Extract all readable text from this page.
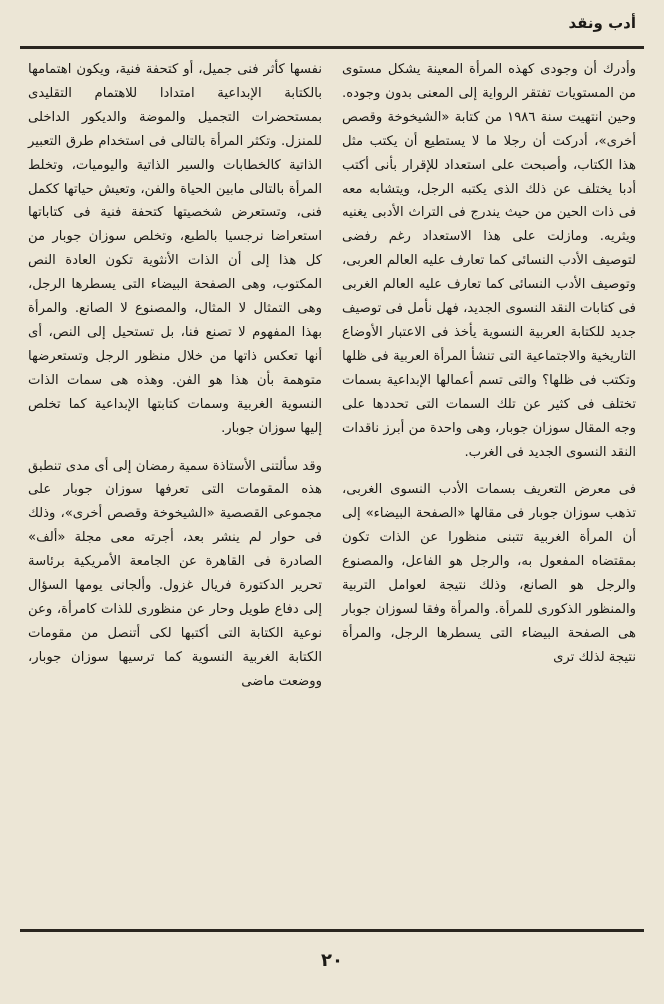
أدب ونقد

وأدرك أن وجودى كهذه المرأة المعينة يشكل مستوى من المستويات تفتقر الرواية إلى المعنى بدون وجوده. وحين انتهيت سنة ١٩٨٦ من كتابة «الشيخوخة وقصص أخرى»، أدركت أن رجلا ما لا يستطيع أن يكتب مثل هذا الكتاب، وأصبحت على استعداد للإقرار بأنى أكتب أدبا يختلف عن ذلك الذى يكتبه الرجل، ويتشابه معه فى ذات الحين من حيث يندرج فى التراث الأدبى يغنيه ويثريه. ومازلت على هذا الاستعداد رغم رفضى لتوصيف الأدب النسائى كما تعارف عليه العالم العربى، وتوصيف الأدب النسائى كما تعارف عليه العالم الغربى فى كتابات النقد النسوى الجديد، فهل نأمل فى توصيف جديد للكتابة العربية النسوية يأخذ فى الاعتبار الأوضاع التاريخية والاجتماعية التى تنشأ المرأة العربية فى ظلها وتكتب فى ظلها؟ والتى تسم أعمالها الإبداعية بسمات تختلف فى كثير عن تلك السمات التى تحددها على وجه المقال سوزان جوبار، وهى واحدة من أبرز ناقدات النقد النسوى الجديد فى الغرب.

فى معرض التعريف بسمات الأدب النسوى الغربى، تذهب سوزان جوبار فى مقالها «الصفحة البيضاء» إلى أن المرأة الغربية تتبنى منظورا عن الذات تكون بمقتضاه المفعول به، والرجل هو الفاعل، والمصنوع والرجل هو الصانع، وذلك نتيجة لعوامل التربية والمنظور الذكورى للمرأة. والمرأة وفقا لسوزان جوبار هى الصفحة البيضاء التى يسطرها الرجل، والمرأة نتيجة لذلك ترى

نفسها كأثر فنى جميل، أو كتحفة فنية، ويكون اهتمامها بالكتابة الإبداعية امتدادا للاهتمام التقليدى بمستحضرات التجميل والموضة والديكور الداخلى للمنزل. وتكثر المرأة بالتالى فى استخدام طرق التعبير الذاتية كالخطابات والسير الذاتية واليوميات، وتخلط المرأة بالتالى مابين الحياة والفن، وتعيش حياتها ككمل فنى، وتستعرض شخصيتها كتحفة فنية فى كتاباتها استعراضا نرجسيا بالطبع، وتخلص سوزان جوبار من كل هذا إلى أن الذات الأنثوية تكون العادة النص المكتوب، وهى الصفحة البيضاء التى يسطرها الرجل، وهى التمثال لا المثال، والمصنوع لا الصانع. والمرأة بهذا المفهوم لا تصنع فنا، بل تستحيل إلى النص، أى أنها تعكس ذاتها من خلال منظور الرجل وتستعرضها متوهمة بأن هذا هو الفن. وهذه هى سمات الذات النسوية الغربية وسمات كتابتها الإبداعية كما تخلص إليها سوزان جوبار.

وقد سألتنى الأستاذة سمية رمضان إلى أى مدى تنطبق هذه المقومات التى تعرفها سوزان جوبار على مجموعى القصصية «الشيخوخة وقصص أخرى»، وذلك فى حوار لم ينشر بعد، أجرته معى مجلة «ألف» الصادرة فى القاهرة عن الجامعة الأمريكية برئاسة تحرير الدكتورة فريال غزول. وألجانى يومها السؤال إلى دفاع طويل وحار عن منظورى للذات كامرأة، وعن نوعية الكتابة التى أكتبها لكى أتنصل من مقومات الكتابة الغربية النسوية كما ترسيها سوزان جوبار، ووضعت ماضى

٢٠
